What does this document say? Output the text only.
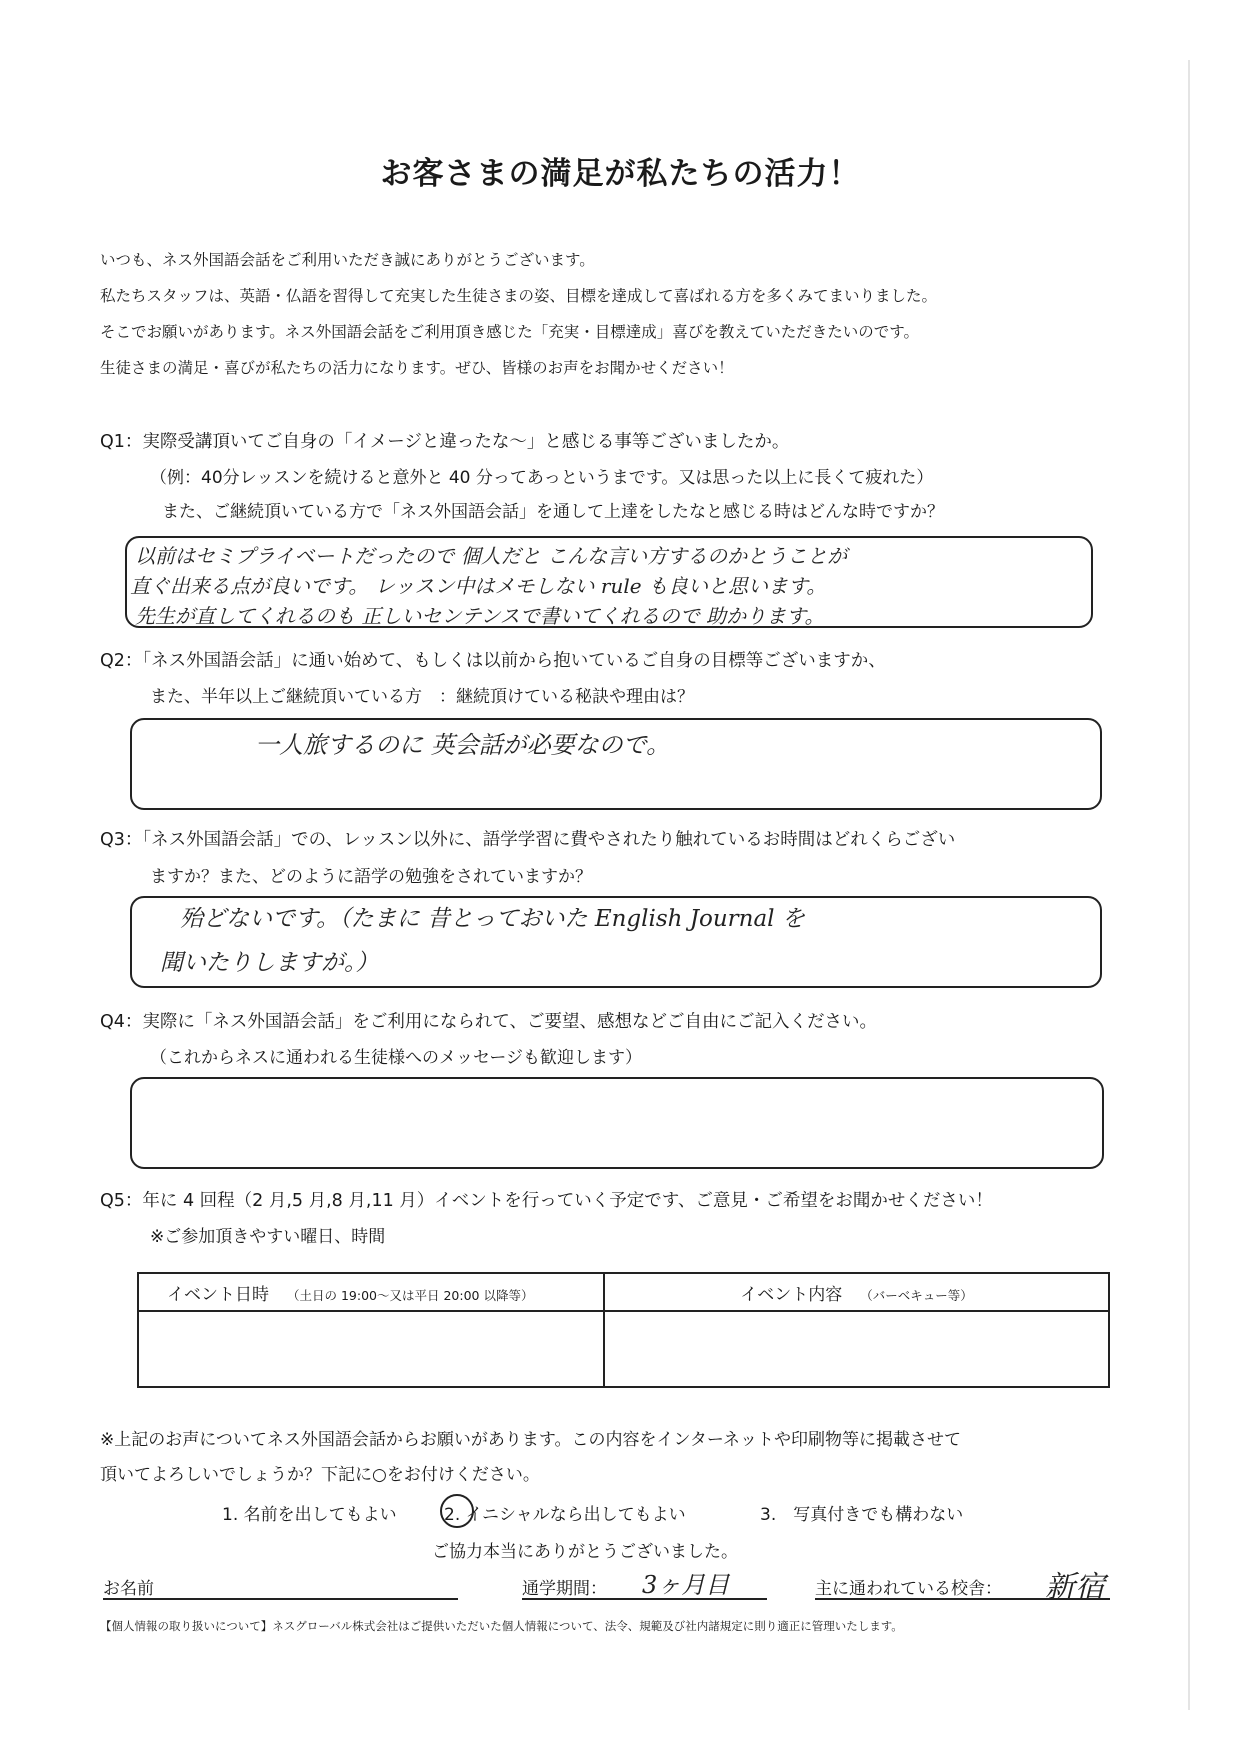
お客さまの満足が私たちの活力！
いつも、ネス外国語会話をご利用いただき誠にありがとうございます。
私たちスタッフは、英語・仏語を習得して充実した生徒さまの姿、目標を達成して喜ばれる方を多くみてまいりました。
そこでお願いがあります。ネス外国語会話をご利用頂き感じた「充実・目標達成」喜びを教えていただきたいのです。
生徒さまの満足・喜びが私たちの活力になります。ぜひ、皆様のお声をお聞かせください！
Q1：実際受講頂いてご自身の「イメージと違ったな～」と感じる事等ございましたか。
（例：40分レッスンを続けると意外と 40 分ってあっというまです。又は思った以上に長くて疲れた）
また、ご継続頂いている方で「ネス外国語会話」を通して上達をしたなと感じる時はどんな時ですか？
以前はセミプライベートだったので 個人だと こんな言い方するのかとうことが
直ぐ出来る点が良いです。 レッスン中はメモしない rule も良いと思います。
先生が直してくれるのも 正しいセンテンスで書いてくれるので 助かります。
Q2：「ネス外国語会話」に通い始めて、もしくは以前から抱いているご自身の目標等ございますか、
また、半年以上ご継続頂いている方　：継続頂けている秘訣や理由は？
一人旅するのに 英会話が必要なので。
Q3：「ネス外国語会話」での、レッスン以外に、語学学習に費やされたり触れているお時間はどれくらござい
ますか？また、どのように語学の勉強をされていますか？
殆どないです。（たまに 昔とっておいた English Journal を
聞いたりしますが。）
Q4：実際に「ネス外国語会話」をご利用になられて、ご要望、感想などご自由にご記入ください。
（これからネスに通われる生徒様へのメッセージも歓迎します）
Q5：年に 4 回程（2 月,5 月,8 月,11 月）イベントを行っていく予定です、ご意見・ご希望をお聞かせください！
※ご参加頂きやすい曜日、時間
イベント日時 （土日の 19:00～又は平日 20:00 以降等）	イベント内容 （バーベキュー等）

※上記のお声についてネス外国語会話からお願いがあります。この内容をインターネットや印刷物等に掲載させて
頂いてよろしいでしょうか？下記に○をお付けください。
1. 名前を出してもよい	2. イニシャルなら出してもよい	3.　写真付きでも構わない
ご協力本当にありがとうございました。
お名前	通学期間： 3ヶ月目	主に通われている校舎： 新宿
【個人情報の取り扱いについて】ネスグローバル株式会社はご提供いただいた個人情報について、法令、規範及び社内諸規定に則り適正に管理いたします。
